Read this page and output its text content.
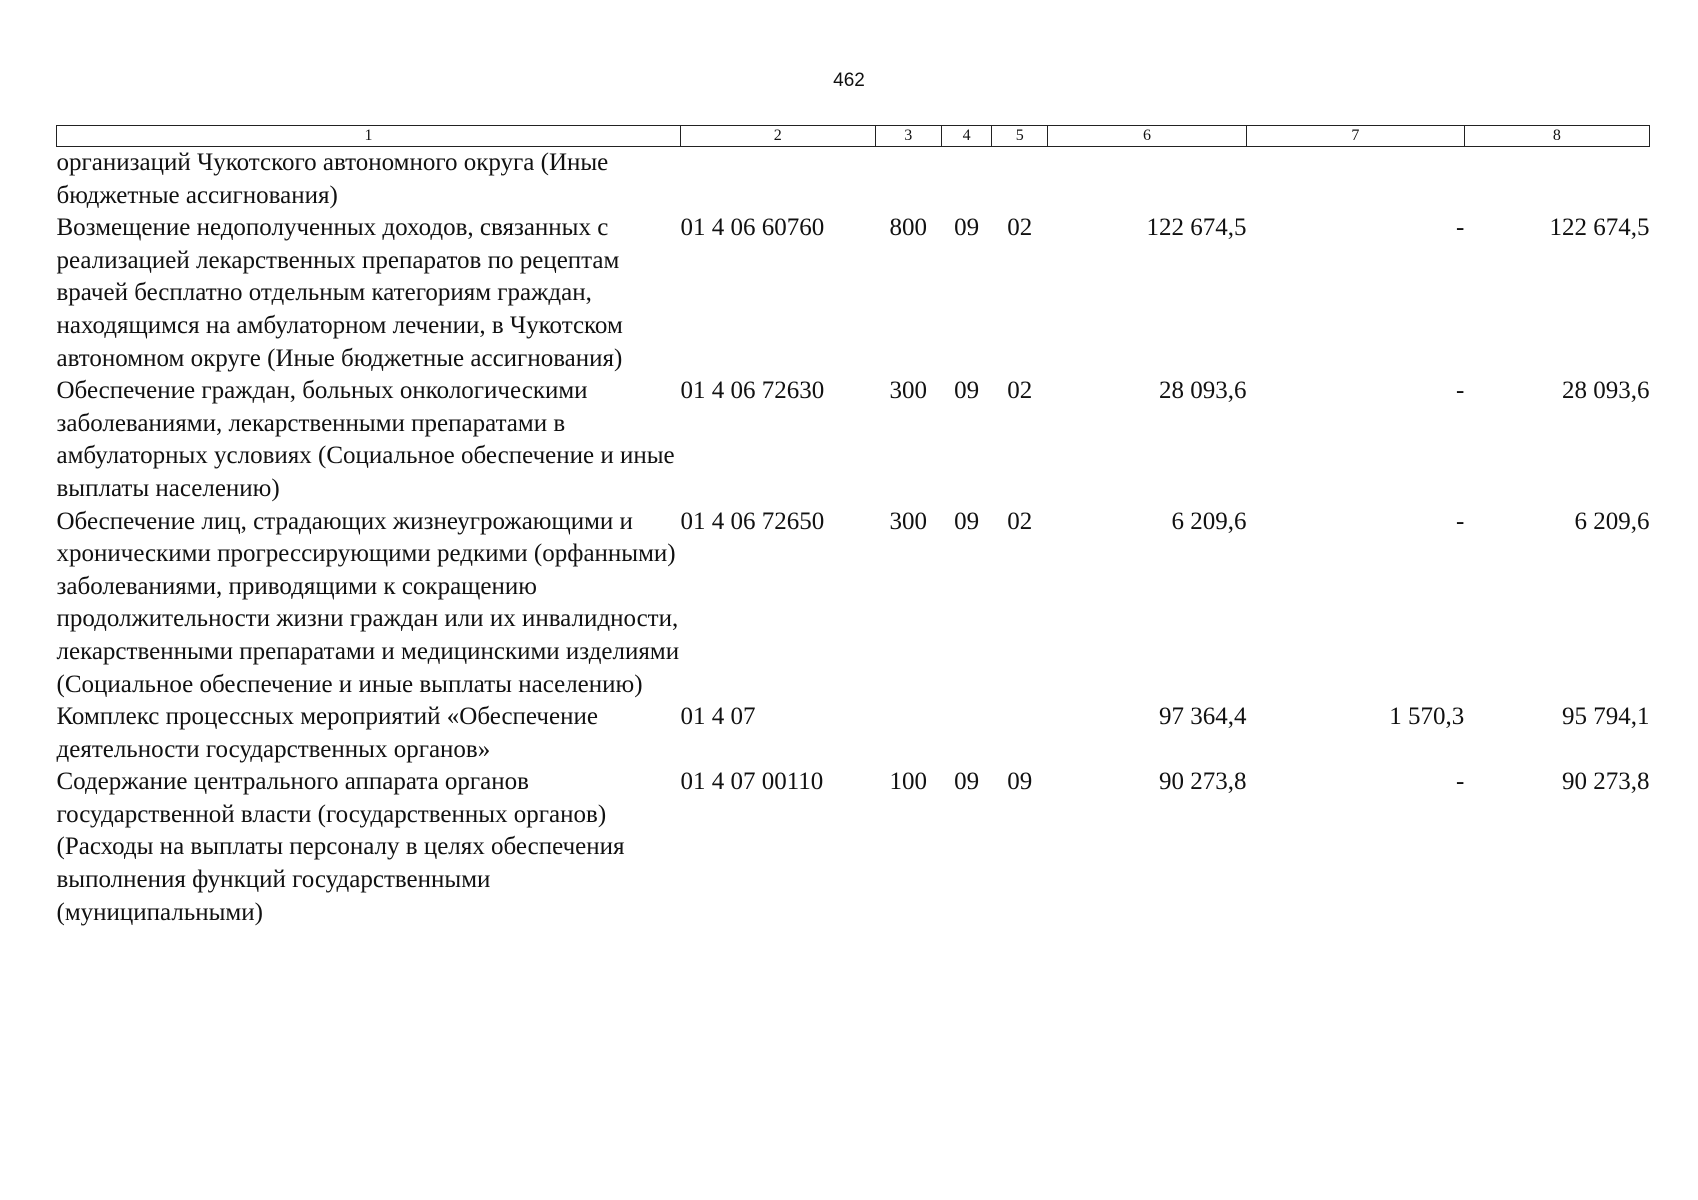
462
1	2	3	4	5	6	7	8
организаций Чукотского автономного округа (Иные бюджетные ассигнования)							
Возмещение недополученных доходов, связанных с реализацией лекарственных препаратов по рецептам врачей бесплатно отдельным категориям граждан, находящимся на амбулаторном лечении, в Чукотском автономном округе (Иные бюджетные ассигнования)	01 4 06 60760	800	09	02	122 674,5	-	122 674,5
Обеспечение граждан, больных онкологическими заболеваниями, лекарственными препаратами в амбулаторных условиях (Социальное обеспечение и иные выплаты населению)	01 4 06 72630	300	09	02	28 093,6	-	28 093,6
Обеспечение лиц, страдающих жизнеугрожающими и хроническими прогрессирующими редкими (орфанными) заболеваниями, приводящими к сокращению продолжительности жизни граждан или их инвалидности, лекарственными препаратами и медицинскими изделиями (Социальное обеспечение и иные выплаты населению)	01 4 06 72650	300	09	02	6 209,6	-	6 209,6
Комплекс процессных мероприятий «Обеспечение деятельности государственных органов»	01 4 07				97 364,4	1 570,3	95 794,1
Содержание центрального аппарата органов государственной власти (государственных органов) (Расходы на выплаты персоналу в целях обеспечения выполнения функций государственными (муниципальными)	01 4 07 00110	100	09	09	90 273,8	-	90 273,8
